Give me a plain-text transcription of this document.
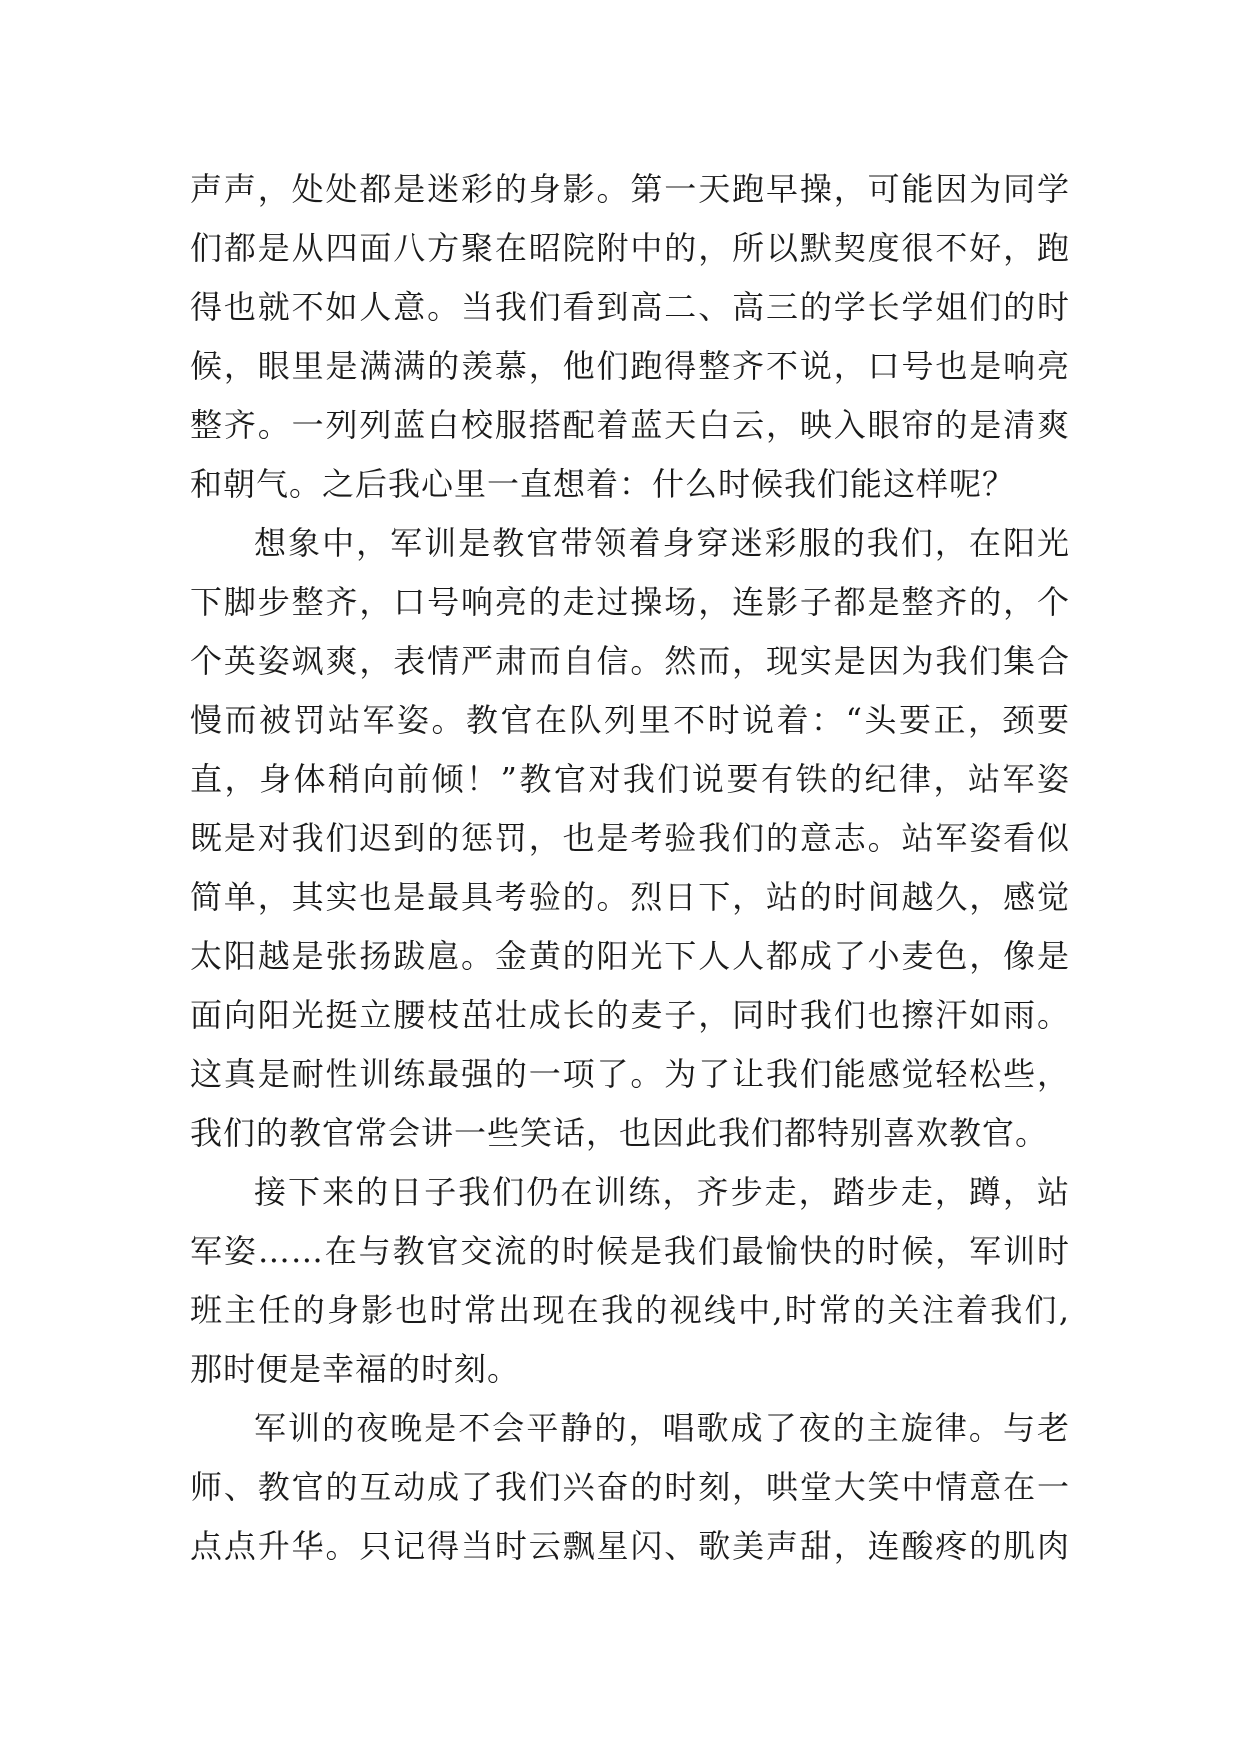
声声，处处都是迷彩的身影。第一天跑早操，可能因为同学
们都是从四面八方聚在昭院附中的，所以默契度很不好，跑
得也就不如人意。当我们看到高二、高三的学长学姐们的时
候，眼里是满满的羡慕，他们跑得整齐不说，口号也是响亮
整齐。一列列蓝白校服搭配着蓝天白云，映入眼帘的是清爽
和朝气。之后我心里一直想着：什么时候我们能这样呢？
想象中，军训是教官带领着身穿迷彩服的我们，在阳光
下脚步整齐，口号响亮的走过操场，连影子都是整齐的，个
个英姿飒爽，表情严肃而自信。然而，现实是因为我们集合
慢而被罚站军姿。教官在队列里不时说着：“头要正，颈要
直，身体稍向前倾！”教官对我们说要有铁的纪律，站军姿
既是对我们迟到的惩罚，也是考验我们的意志。站军姿看似
简单，其实也是最具考验的。烈日下，站的时间越久，感觉
太阳越是张扬跋扈。金黄的阳光下人人都成了小麦色，像是
面向阳光挺立腰枝茁壮成长的麦子，同时我们也擦汗如雨。
这真是耐性训练最强的一项了。为了让我们能感觉轻松些，
我们的教官常会讲一些笑话，也因此我们都特别喜欢教官。
接下来的日子我们仍在训练，齐步走，踏步走，蹲，站
军姿……在与教官交流的时候是我们最愉快的时候，军训时
班主任的身影也时常出现在我的视线中,时常的关注着我们,
那时便是幸福的时刻。
军训的夜晚是不会平静的，唱歌成了夜的主旋律。与老
师、教官的互动成了我们兴奋的时刻，哄堂大笑中情意在一
点点升华。只记得当时云飘星闪、歌美声甜，连酸疼的肌肉
